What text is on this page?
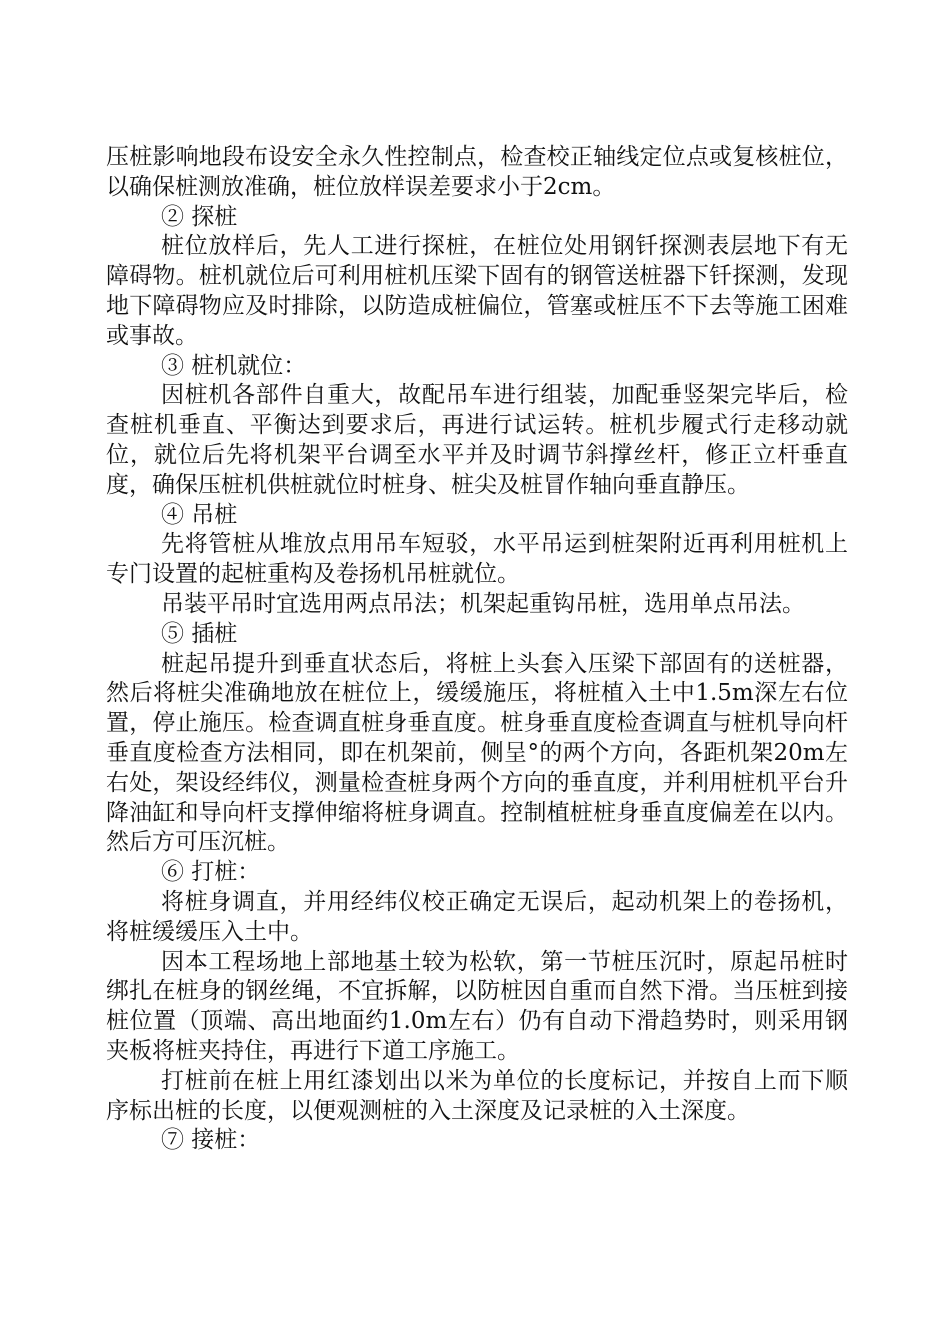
压桩影响地段布设安全永久性控制点，检查校正轴线定位点或复核桩位，以确保桩测放准确，桩位放样误差要求小于2cm。

② 探桩

桩位放样后，先人工进行探桩，在桩位处用钢钎探测表层地下有无障碍物。桩机就位后可利用桩机压梁下固有的钢管送桩器下钎探测，发现地下障碍物应及时排除，以防造成桩偏位，管塞或桩压不下去等施工困难或事故。

③ 桩机就位：

因桩机各部件自重大，故配吊车进行组装，加配垂竖架完毕后，检查桩机垂直、平衡达到要求后，再进行试运转。桩机步履式行走移动就位，就位后先将机架平台调至水平并及时调节斜撑丝杆，修正立杆垂直度，确保压桩机供桩就位时桩身、桩尖及桩冒作轴向垂直静压。

④ 吊桩

先将管桩从堆放点用吊车短驳，水平吊运到桩架附近再利用桩机上专门设置的起桩重构及卷扬机吊桩就位。

吊装平吊时宜选用两点吊法；机架起重钩吊桩，选用单点吊法。

⑤ 插桩

桩起吊提升到垂直状态后，将桩上头套入压梁下部固有的送桩器，然后将桩尖准确地放在桩位上，缓缓施压，将桩植入土中1.5m深左右位置，停止施压。检查调直桩身垂直度。桩身垂直度检查调直与桩机导向杆垂直度检查方法相同，即在机架前，侧呈°的两个方向，各距机架20m左右处，架设经纬仪，测量检查桩身两个方向的垂直度，并利用桩机平台升降油缸和导向杆支撑伸缩将桩身调直。控制植桩桩身垂直度偏差在以内。然后方可压沉桩。

⑥ 打桩：

将桩身调直，并用经纬仪校正确定无误后，起动机架上的卷扬机，将桩缓缓压入土中。

因本工程场地上部地基土较为松软，第一节桩压沉时，原起吊桩时绑扎在桩身的钢丝绳，不宜拆解，以防桩因自重而自然下滑。当压桩到接桩位置（顶端、高出地面约1.0m左右）仍有自动下滑趋势时，则采用钢夹板将桩夹持住，再进行下道工序施工。

打桩前在桩上用红漆划出以米为单位的长度标记，并按自上而下顺序标出桩的长度，以便观测桩的入土深度及记录桩的入土深度。

⑦ 接桩：
